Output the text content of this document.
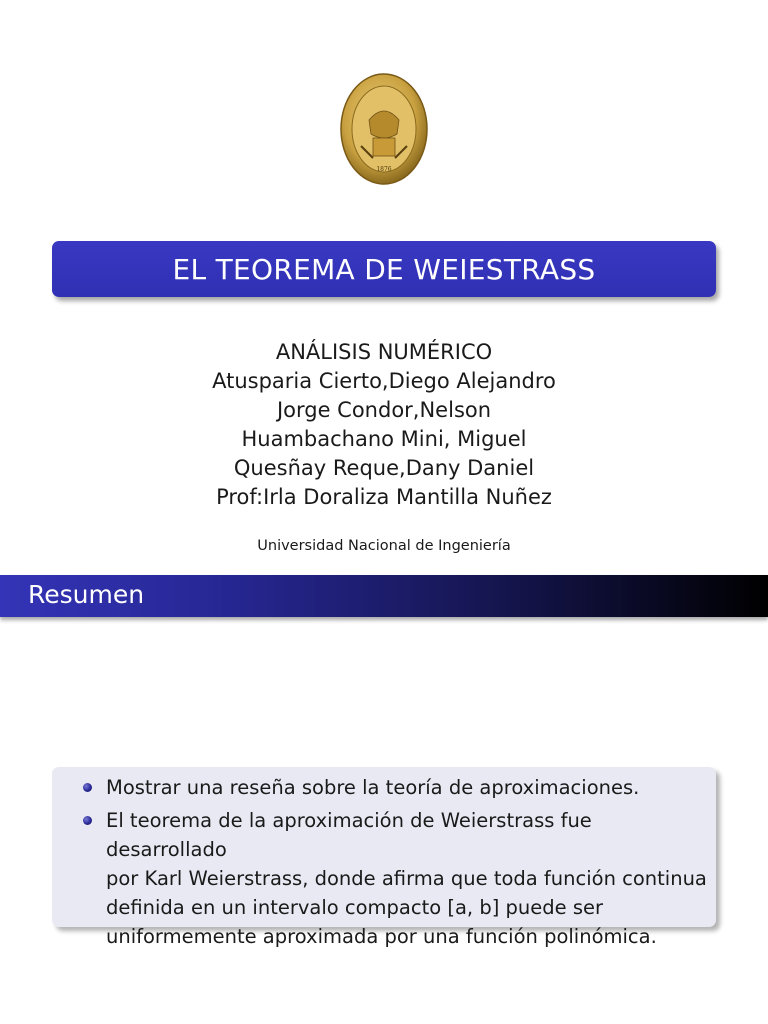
1876
EL TEOREMA DE WEIESTRASS
ANÁLISIS NUMÉRICO
Atusparia Cierto,Diego Alejandro
Jorge Condor,Nelson
Huambachano Mini, Miguel
Quesñay Reque,Dany Daniel
Prof:Irla Doraliza Mantilla Nuñez
Universidad Nacional de Ingeniería
Resumen
Mostrar una reseña sobre la teoría de aproximaciones.
El teorema de la aproximación de Weierstrass fue desarrollado
por Karl Weierstrass, donde afirma que toda función continua
definida en un intervalo compacto [a, b] puede ser
uniformemente aproximada por una función polinómica.
